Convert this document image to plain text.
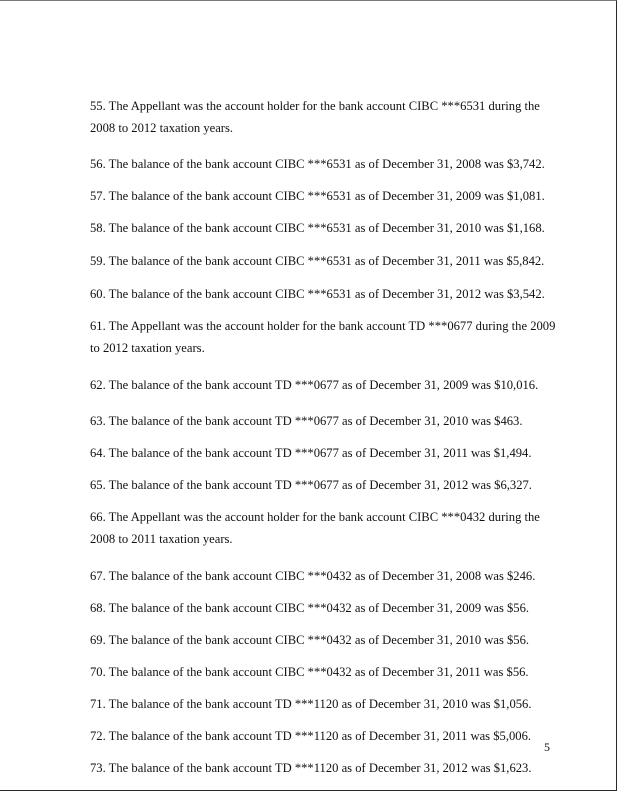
55. The Appellant was the account holder for the bank account CIBC ***6531 during the 2008 to 2012 taxation years.
56. The balance of the bank account CIBC ***6531 as of December 31, 2008 was $3,742.
57. The balance of the bank account CIBC ***6531 as of December 31, 2009 was $1,081.
58. The balance of the bank account CIBC ***6531 as of December 31, 2010 was $1,168.
59. The balance of the bank account CIBC ***6531 as of December 31, 2011 was $5,842.
60. The balance of the bank account CIBC ***6531 as of December 31, 2012 was $3,542.
61. The Appellant was the account holder for the bank account TD ***0677 during the 2009 to 2012 taxation years.
62. The balance of the bank account TD ***0677 as of December 31, 2009 was $10,016.
63. The balance of the bank account TD ***0677 as of December 31, 2010 was $463.
64. The balance of the bank account TD ***0677 as of December 31, 2011 was $1,494.
65. The balance of the bank account TD ***0677 as of December 31, 2012 was $6,327.
66. The Appellant was the account holder for the bank account CIBC ***0432 during the 2008 to 2011 taxation years.
67. The balance of the bank account CIBC ***0432 as of December 31, 2008 was $246.
68. The balance of the bank account CIBC ***0432 as of December 31, 2009 was $56.
69. The balance of the bank account CIBC ***0432 as of December 31, 2010 was $56.
70. The balance of the bank account CIBC ***0432 as of December 31, 2011 was $56.
71. The balance of the bank account TD ***1120 as of December 31, 2010 was $1,056.
72. The balance of the bank account TD ***1120 as of December 31, 2011 was $5,006.
73. The balance of the bank account TD ***1120 as of December 31, 2012 was $1,623.
5
